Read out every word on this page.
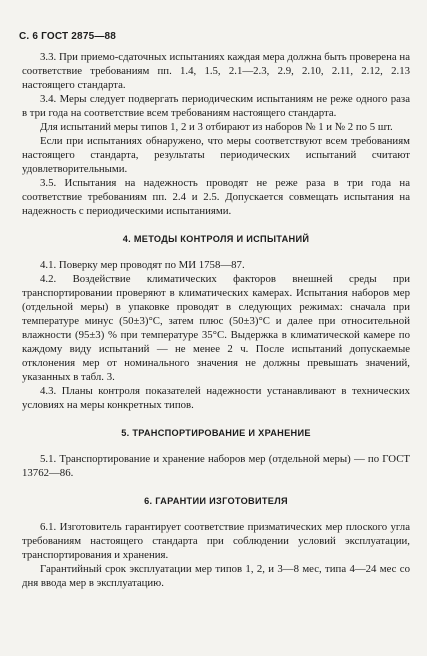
С. 6 ГОСТ 2875—88

3.3. При приемо-сдаточных испытаниях каждая мера должна быть проверена на соответствие требованиям пп. 1.4, 1.5, 2.1—2.3, 2.9, 2.10, 2.11, 2.12, 2.13 настоящего стандарта.

3.4. Меры следует подвергать периодическим испытаниям не реже одного раза в три года на соответствие всем требованиям настоящего стандарта.

Для испытаний меры типов 1, 2 и 3 отбирают из наборов № 1 и № 2 по 5 шт.

Если при испытаниях обнаружено, что меры соответствуют всем требованиям настоящего стандарта, результаты периодических испытаний считают удовлетворительными.

3.5. Испытания на надежность проводят не реже раза в три года на соответствие требованиям пп. 2.4 и 2.5. Допускается совмещать испытания на надежность с периодическими испытаниями.

4. МЕТОДЫ КОНТРОЛЯ И ИСПЫТАНИЙ

4.1. Поверку мер проводят по МИ 1758—87.

4.2. Воздействие климатических факторов внешней среды при транспортировании проверяют в климатических камерах. Испытания наборов мер (отдельной меры) в упаковке проводят в следующих режимах: сначала при температуре минус (50±3)°С, затем плюс (50±3)°С и далее при относительной влажности (95±3) % при температуре 35°С. Выдержка в климатической камере по каждому виду испытаний — не менее 2 ч. После испытаний допускаемые отклонения мер от номинального значения не должны превышать значений, указанных в табл. 3.

4.3. Планы контроля показателей надежности устанавливают в технических условиях на меры конкретных типов.

5. ТРАНСПОРТИРОВАНИЕ И ХРАНЕНИЕ

5.1. Транспортирование и хранение наборов мер (отдельной меры) — по ГОСТ 13762—86.

6. ГАРАНТИИ ИЗГОТОВИТЕЛЯ

6.1. Изготовитель гарантирует соответствие призматических мер плоского угла требованиям настоящего стандарта при соблюдении условий эксплуатации, транспортирования и хранения.

Гарантийный срок эксплуатации мер типов 1, 2, и 3—8 мес, типа 4—24 мес со дня ввода мер в эксплуатацию.
